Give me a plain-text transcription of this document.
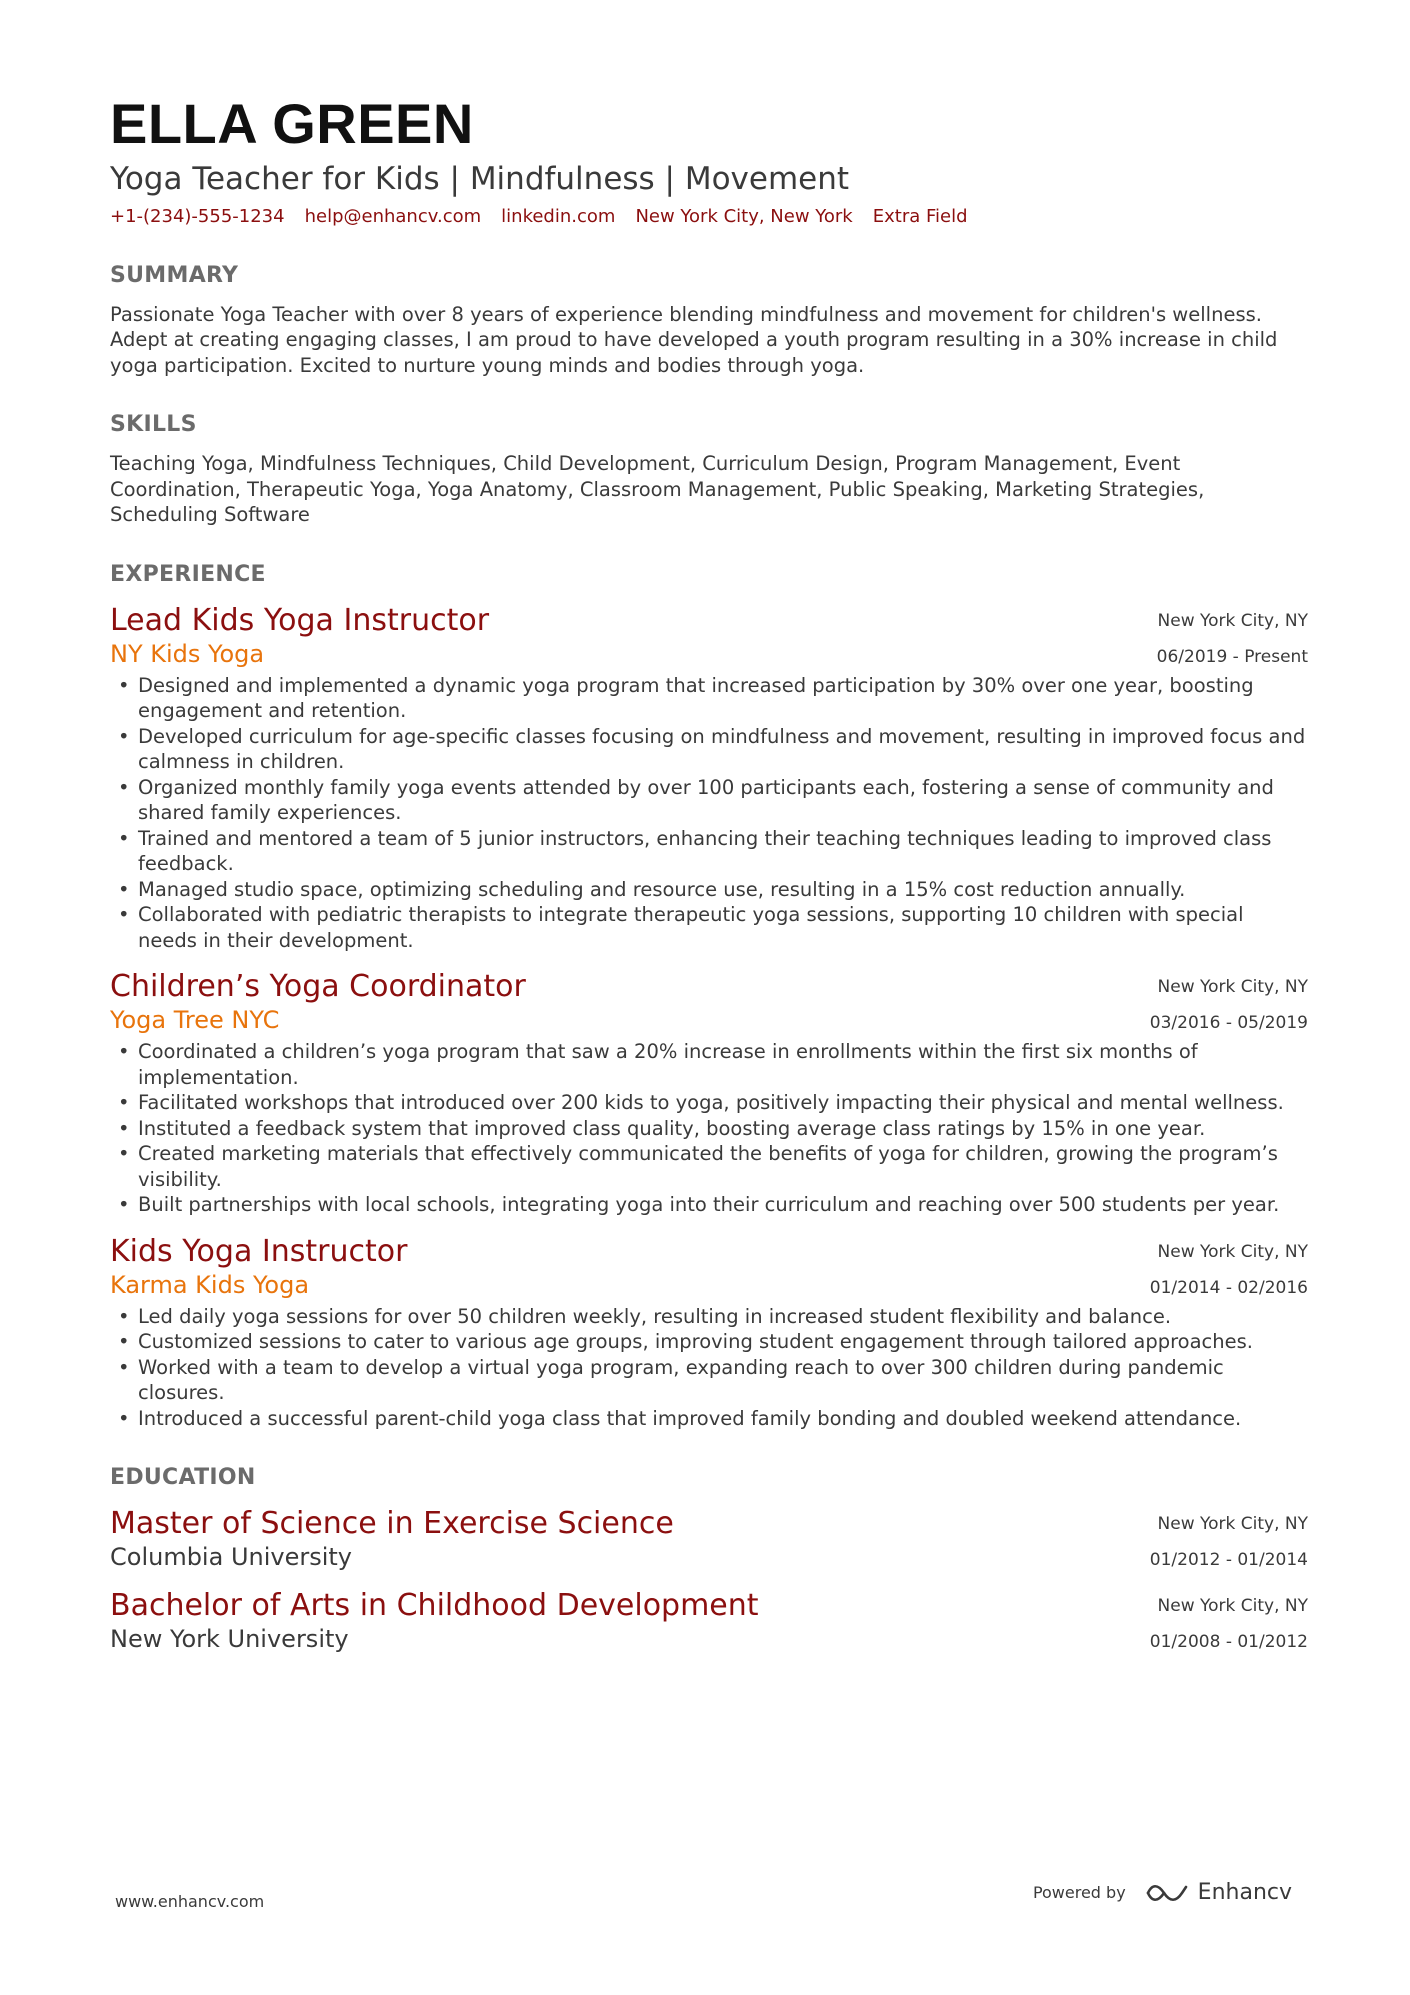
ELLA GREEN
Yoga Teacher for Kids | Mindfulness | Movement
+1-(234)-555-1234 help@enhancv.com linkedin.com New York City, New York Extra Field
SUMMARY

Passionate Yoga Teacher with over 8 years of experience blending mindfulness and movement for children's wellness. Adept at creating engaging classes, I am proud to have developed a youth program resulting in a 30% increase in child yoga participation. Excited to nurture young minds and bodies through yoga.

SKILLS

Teaching Yoga, Mindfulness Techniques, Child Development, Curriculum Design, Program Management, Event Coordination, Therapeutic Yoga, Yoga Anatomy, Classroom Management, Public Speaking, Marketing Strategies, Scheduling Software

EXPERIENCE
Lead Kids Yoga Instructor
NY Kids Yoga
New York City, NY
06/2019 - Present
• Designed and implemented a dynamic yoga program that increased participation by 30% over one year, boosting engagement and retention.
• Developed curriculum for age-specific classes focusing on mindfulness and movement, resulting in improved focus and calmness in children.
• Organized monthly family yoga events attended by over 100 participants each, fostering a sense of community and shared family experiences.
• Trained and mentored a team of 5 junior instructors, enhancing their teaching techniques leading to improved class feedback.
• Managed studio space, optimizing scheduling and resource use, resulting in a 15% cost reduction annually.
• Collaborated with pediatric therapists to integrate therapeutic yoga sessions, supporting 10 children with special needs in their development.
Children’s Yoga Coordinator
Yoga Tree NYC
New York City, NY
03/2016 - 05/2019
• Coordinated a children’s yoga program that saw a 20% increase in enrollments within the first six months of implementation.
• Facilitated workshops that introduced over 200 kids to yoga, positively impacting their physical and mental wellness.
• Instituted a feedback system that improved class quality, boosting average class ratings by 15% in one year.
• Created marketing materials that effectively communicated the benefits of yoga for children, growing the program’s visibility.
• Built partnerships with local schools, integrating yoga into their curriculum and reaching over 500 students per year.
Kids Yoga Instructor
Karma Kids Yoga
New York City, NY
01/2014 - 02/2016
• Led daily yoga sessions for over 50 children weekly, resulting in increased student flexibility and balance.
• Customized sessions to cater to various age groups, improving student engagement through tailored approaches.
• Worked with a team to develop a virtual yoga program, expanding reach to over 300 children during pandemic closures.
• Introduced a successful parent-child yoga class that improved family bonding and doubled weekend attendance.
EDUCATION
Master of Science in Exercise Science
Columbia University
New York City, NY
01/2012 - 01/2014
Bachelor of Arts in Childhood Development
New York University
New York City, NY
01/2008 - 01/2012
www.enhancv.com	Powered by	Enhancv
